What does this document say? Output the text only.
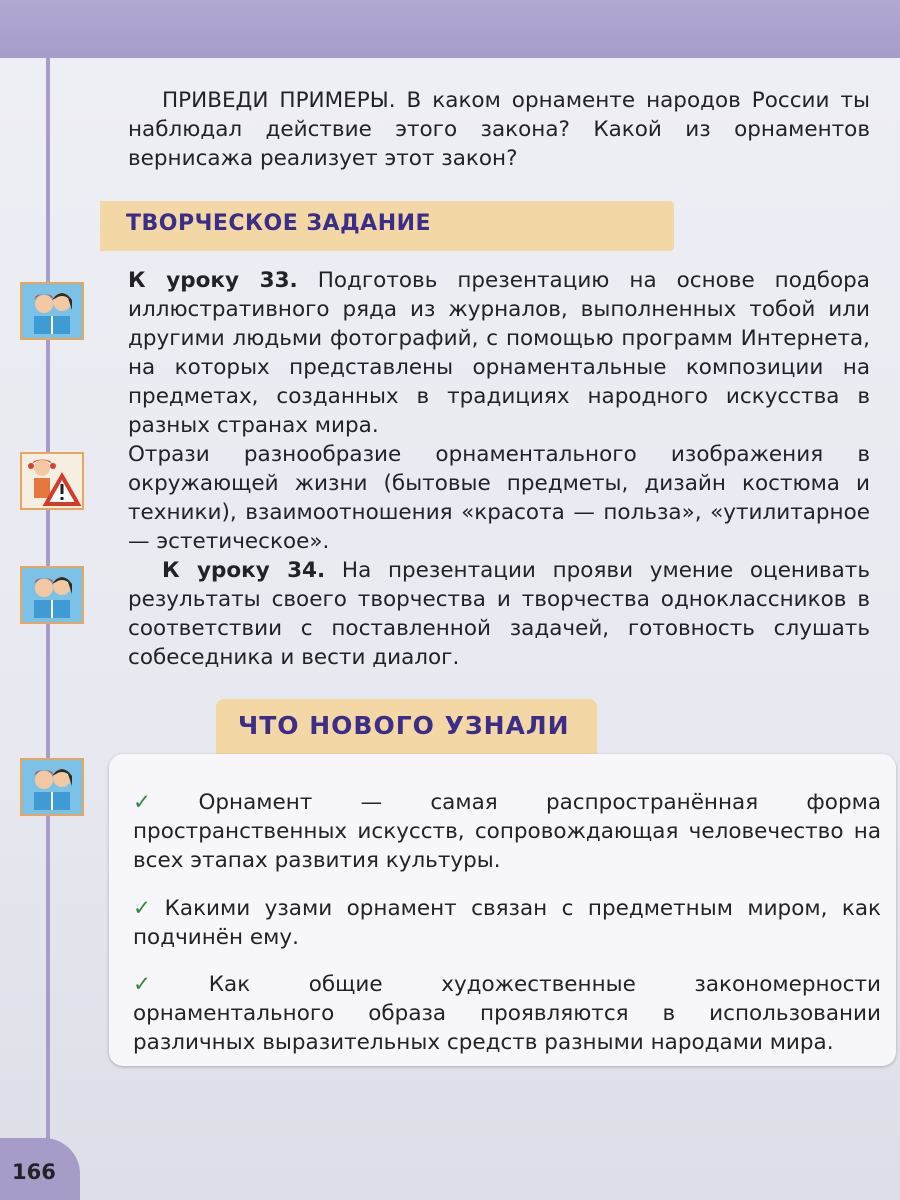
ПРИВЕДИ ПРИМЕРЫ. В каком орнаменте народов России ты наблюдал действие этого закона? Какой из орнаментов вернисажа реализует этот закон?
ТВОРЧЕСКОЕ ЗАДАНИЕ
К уроку 33. Подготовь презентацию на основе подбора иллюстративного ряда из журналов, выполненных тобой или другими людьми фотографий, с помощью программ Интернета, на которых представлены орнаментальные композиции на предметах, созданных в традициях народного искусства в разных странах мира.
Отрази разнообразие орнаментального изображения в окружающей жизни (бытовые предметы, дизайн костюма и техники), взаимоотношения «красота — польза», «утилитарное — эстетическое».
К уроку 34. На презентации прояви умение оценивать результаты своего творчества и творчества одноклассников в соответствии с поставленной задачей, готовность слушать собеседника и вести диалог.
ЧТО НОВОГО УЗНАЛИ
✓ Орнамент — самая распространённая форма пространственных искусств, сопровождающая человечество на всех этапах развития культуры.
✓ Какими узами орнамент связан с предметным миром, как подчинён ему.
✓ Как общие художественные закономерности орнаментального образа проявляются в использовании различных выразительных средств разными народами мира.
166
